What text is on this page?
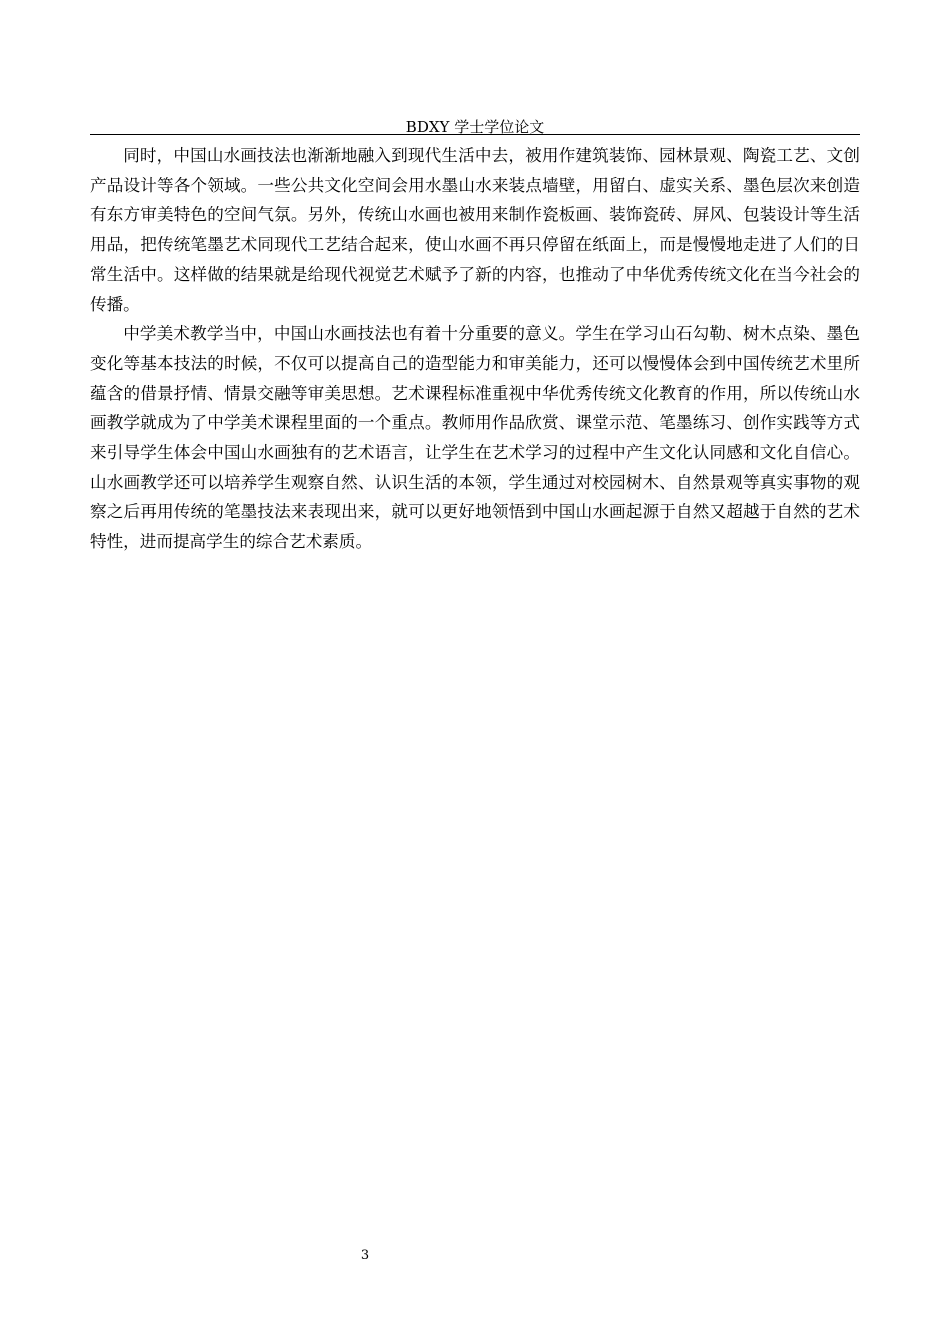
BDXY 学士学位论文

同时，中国山水画技法也渐渐地融入到现代生活中去，被用作建筑装饰、园林景观、陶瓷工艺、文创产品设计等各个领域。一些公共文化空间会用水墨山水来装点墙壁，用留白、虚实关系、墨色层次来创造有东方审美特色的空间气氛。另外，传统山水画也被用来制作瓷板画、装饰瓷砖、屏风、包装设计等生活用品，把传统笔墨艺术同现代工艺结合起来，使山水画不再只停留在纸面上，而是慢慢地走进了人们的日常生活中。这样做的结果就是给现代视觉艺术赋予了新的内容，也推动了中华优秀传统文化在当今社会的传播。

中学美术教学当中，中国山水画技法也有着十分重要的意义。学生在学习山石勾勒、树木点染、墨色变化等基本技法的时候，不仅可以提高自己的造型能力和审美能力，还可以慢慢体会到中国传统艺术里所蕴含的借景抒情、情景交融等审美思想。艺术课程标准重视中华优秀传统文化教育的作用，所以传统山水画教学就成为了中学美术课程里面的一个重点。教师用作品欣赏、课堂示范、笔墨练习、创作实践等方式来引导学生体会中国山水画独有的艺术语言，让学生在艺术学习的过程中产生文化认同感和文化自信心。山水画教学还可以培养学生观察自然、认识生活的本领，学生通过对校园树木、自然景观等真实事物的观察之后再用传统的笔墨技法来表现出来，就可以更好地领悟到中国山水画起源于自然又超越于自然的艺术特性，进而提高学生的综合艺术素质。

3
